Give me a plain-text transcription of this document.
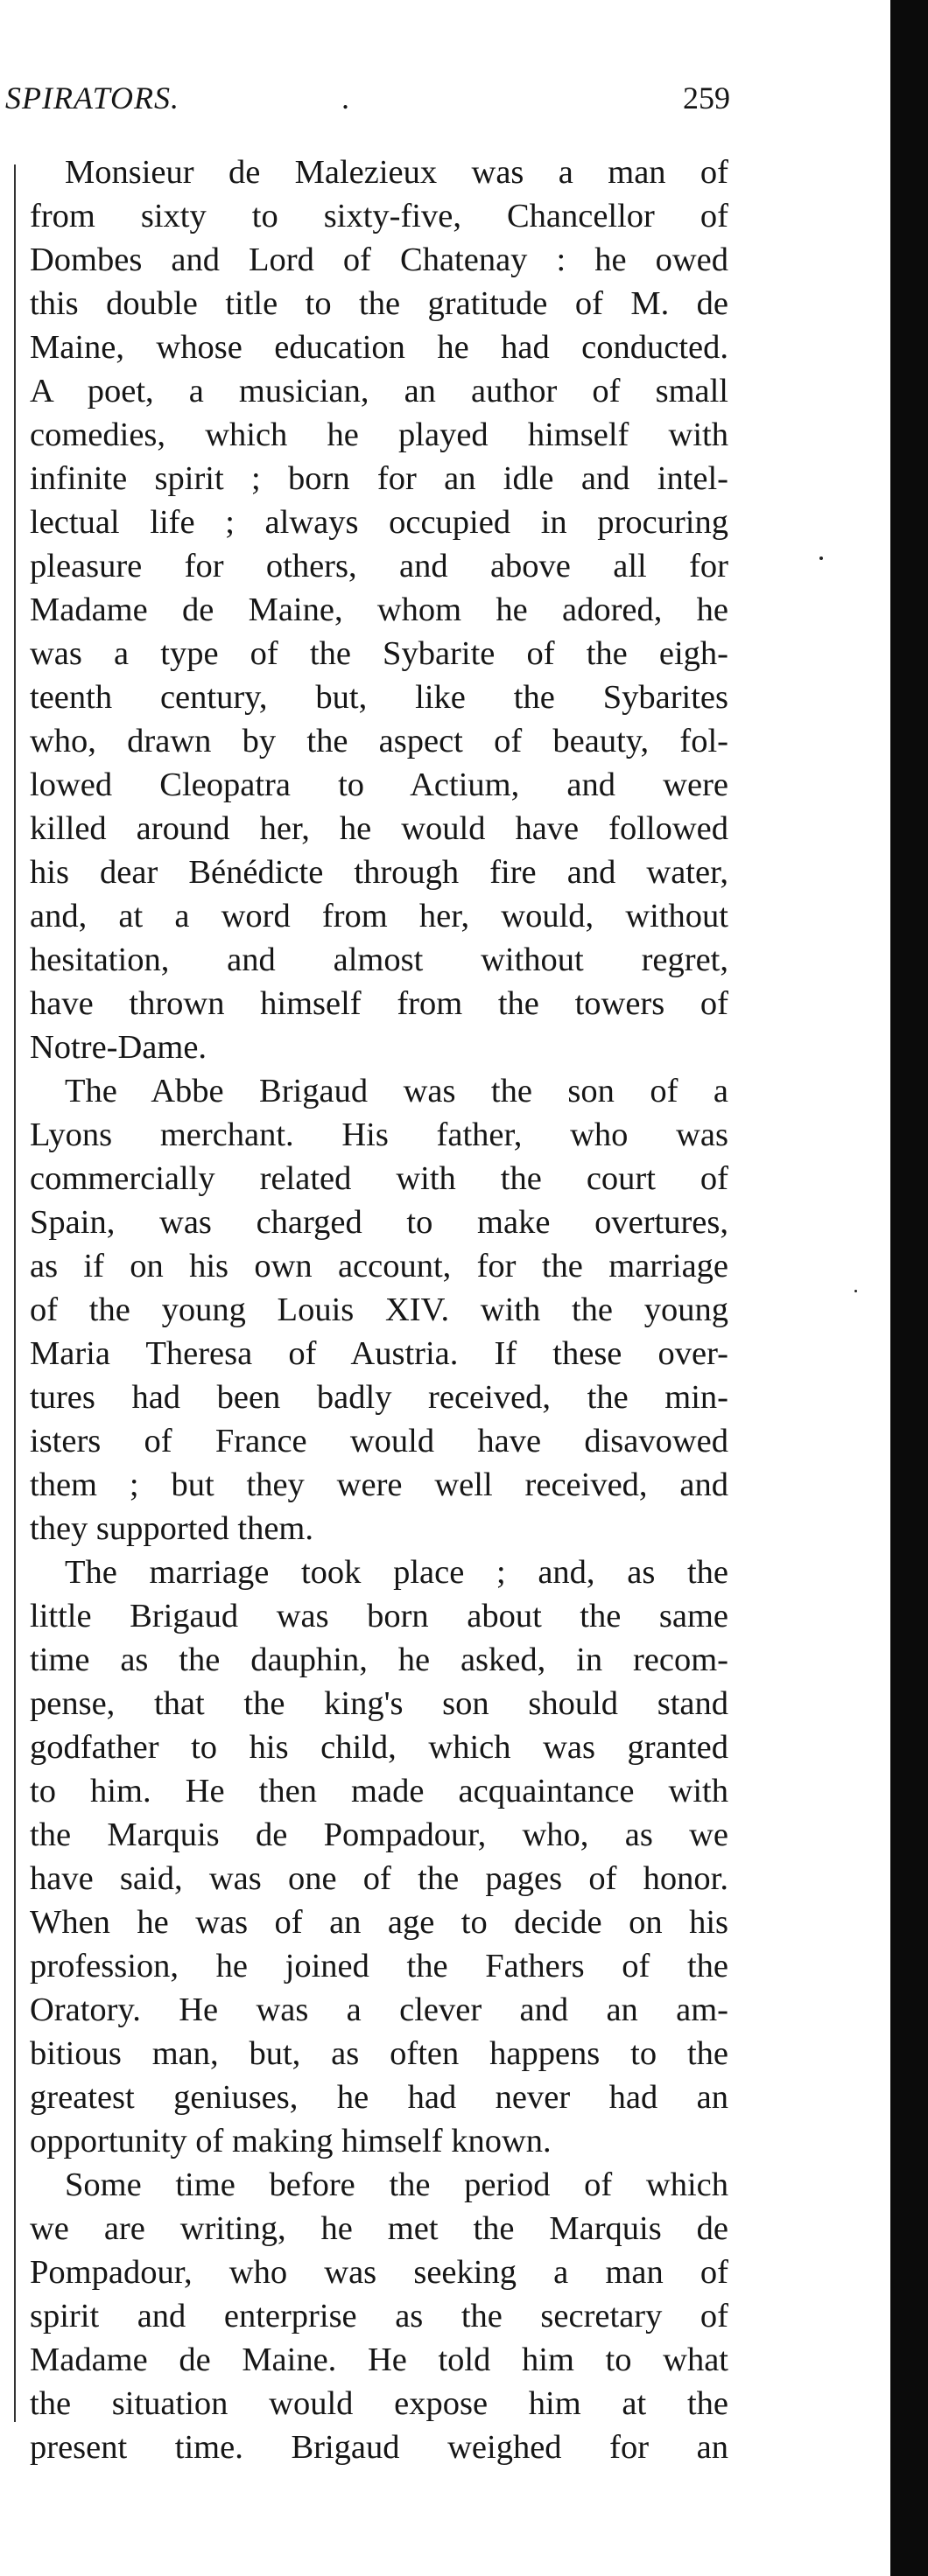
SPIRATORS.	.	259
Monsieur de Malezieux was a man of
from sixty to sixty-five, Chancellor of
Dombes and Lord of Chatenay : he owed
this double title to the gratitude of M. de
Maine, whose education he had conducted.
A poet, a musician, an author of small
comedies, which he played himself with
infinite spirit ; born for an idle and intel-
lectual life ; always occupied in procuring
pleasure for others, and above all for
Madame de Maine, whom he adored, he
was a type of the Sybarite of the eigh-
teenth century, but, like the Sybarites
who, drawn by the aspect of beauty, fol-
lowed Cleopatra to Actium, and were
killed around her, he would have followed
his dear Bénédicte through fire and water,
and, at a word from her, would, without
hesitation, and almost without regret,
have thrown himself from the towers of
Notre-Dame.
The Abbe Brigaud was the son of a
Lyons merchant. His father, who was
commercially related with the court of
Spain, was charged to make overtures,
as if on his own account, for the marriage
of the young Louis XIV. with the young
Maria Theresa of Austria. If these over-
tures had been badly received, the min-
isters of France would have disavowed
them ; but they were well received, and
they supported them.
The marriage took place ; and, as the
little Brigaud was born about the same
time as the dauphin, he asked, in recom-
pense, that the king's son should stand
godfather to his child, which was granted
to him. He then made acquaintance with
the Marquis de Pompadour, who, as we
have said, was one of the pages of honor.
When he was of an age to decide on his
profession, he joined the Fathers of the
Oratory. He was a clever and an am-
bitious man, but, as often happens to the
greatest geniuses, he had never had an
opportunity of making himself known.
Some time before the period of which
we are writing, he met the Marquis de
Pompadour, who was seeking a man of
spirit and enterprise as the secretary of
Madame de Maine. He told him to what
the situation would expose him at the
present time. Brigaud weighed for an
